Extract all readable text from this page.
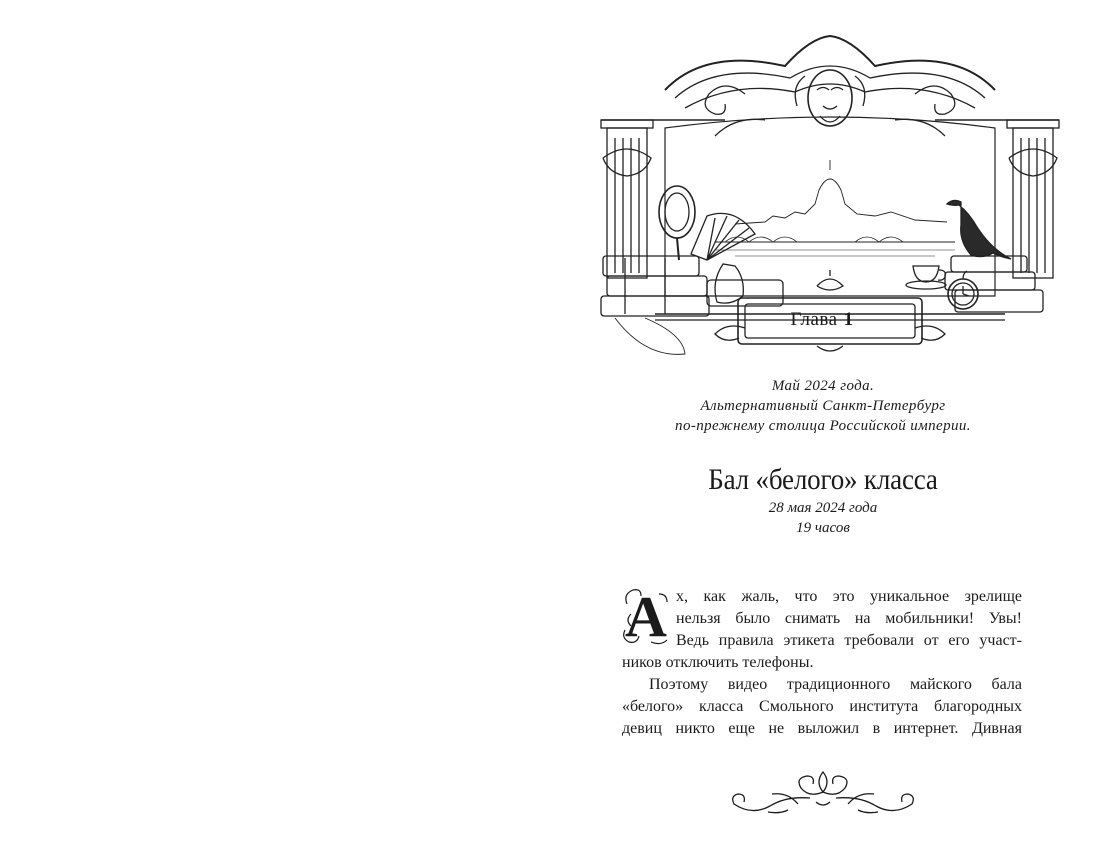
Глава 1
Май 2024 года.
Альтернативный Санкт-Петербург
по-прежнему столица Российской империи.
Бал «белого» класса
28 мая 2024 года
19 часов
А х, как жаль, что это уникальное зрелище

нельзя было снимать на мобильники! Увы!

Ведь правила этикета требовали от его участ-

ников отключить телефоны.

Поэтому видео традиционного майского бала

«белого» класса Смольного института благородных

девиц никто еще не выложил в интернет. Дивная
